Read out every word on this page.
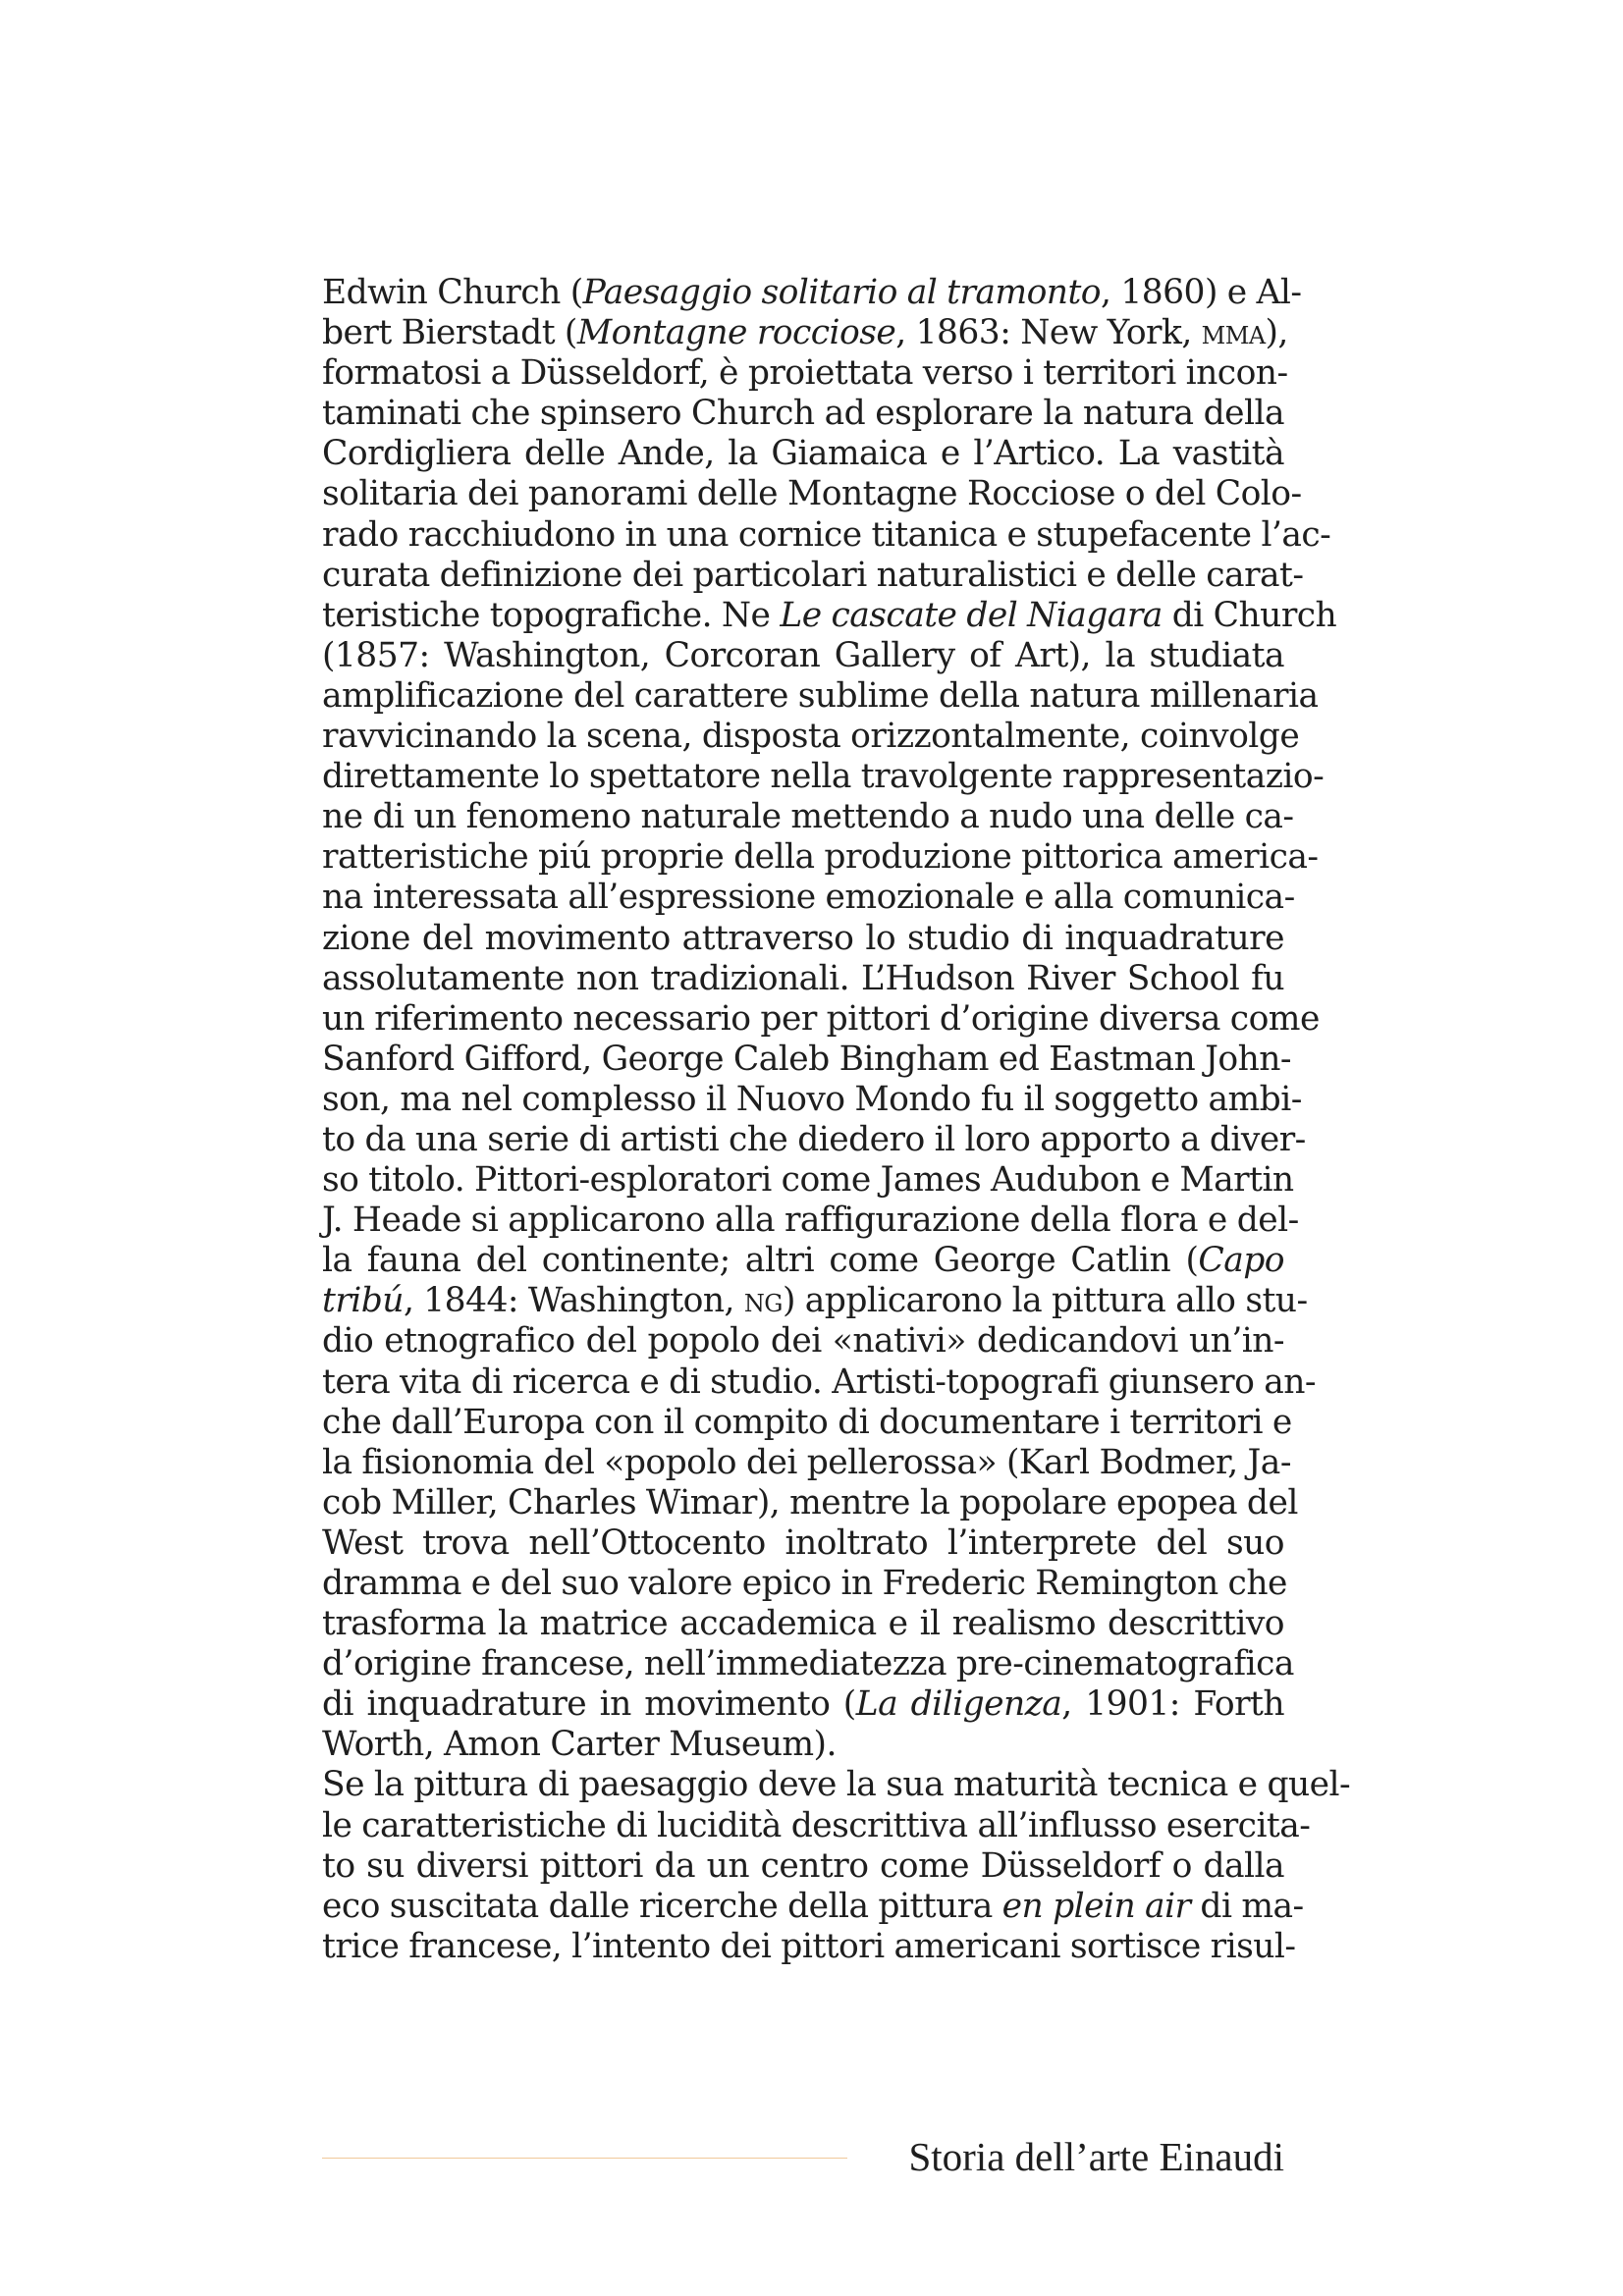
Edwin Church (Paesaggio solitario al tramonto, 1860) e Al-
bert Bierstadt (Montagne rocciose, 1863: New York, mma),
formatosi a Düsseldorf, è proiettata verso i territori incon-
taminati che spinsero Church ad esplorare la natura della
Cordigliera delle Ande, la Giamaica e l’Artico. La vastità
solitaria dei panorami delle Montagne Rocciose o del Colo-
rado racchiudono in una cornice titanica e stupefacente l’ac-
curata definizione dei particolari naturalistici e delle carat-
teristiche topografiche. Ne Le cascate del Niagara di Church
(1857: Washington, Corcoran Gallery of Art), la studiata
amplificazione del carattere sublime della natura millenaria
ravvicinando la scena, disposta orizzontalmente, coinvolge
direttamente lo spettatore nella travolgente rappresentazio-
ne di un fenomeno naturale mettendo a nudo una delle ca-
ratteristiche piú proprie della produzione pittorica america-
na interessata all’espressione emozionale e alla comunica-
zione del movimento attraverso lo studio di inquadrature
assolutamente non tradizionali. L’Hudson River School fu
un riferimento necessario per pittori d’origine diversa come
Sanford Gifford, George Caleb Bingham ed Eastman John-
son, ma nel complesso il Nuovo Mondo fu il soggetto ambi-
to da una serie di artisti che diedero il loro apporto a diver-
so titolo. Pittori-esploratori come James Audubon e Martin
J. Heade si applicarono alla raffigurazione della flora e del-
la fauna del continente; altri come George Catlin (Capo
tribú, 1844: Washington, ng) applicarono la pittura allo stu-
dio etnografico del popolo dei «nativi» dedicandovi un’in-
tera vita di ricerca e di studio. Artisti-topografi giunsero an-
che dall’Europa con il compito di documentare i territori e
la fisionomia del «popolo dei pellerossa» (Karl Bodmer, Ja-
cob Miller, Charles Wimar), mentre la popolare epopea del
West trova nell’Ottocento inoltrato l’interprete del suo
dramma e del suo valore epico in Frederic Remington che
trasforma la matrice accademica e il realismo descrittivo
d’origine francese, nell’immediatezza pre-cinematografica
di inquadrature in movimento (La diligenza, 1901: Forth
Worth, Amon Carter Museum).
Se la pittura di paesaggio deve la sua maturità tecnica e quel-
le caratteristiche di lucidità descrittiva all’influsso esercita-
to su diversi pittori da un centro come Düsseldorf o dalla
eco suscitata dalle ricerche della pittura en plein air di ma-
trice francese, l’intento dei pittori americani sortisce risul-
Storia dell’arte Einaudi
